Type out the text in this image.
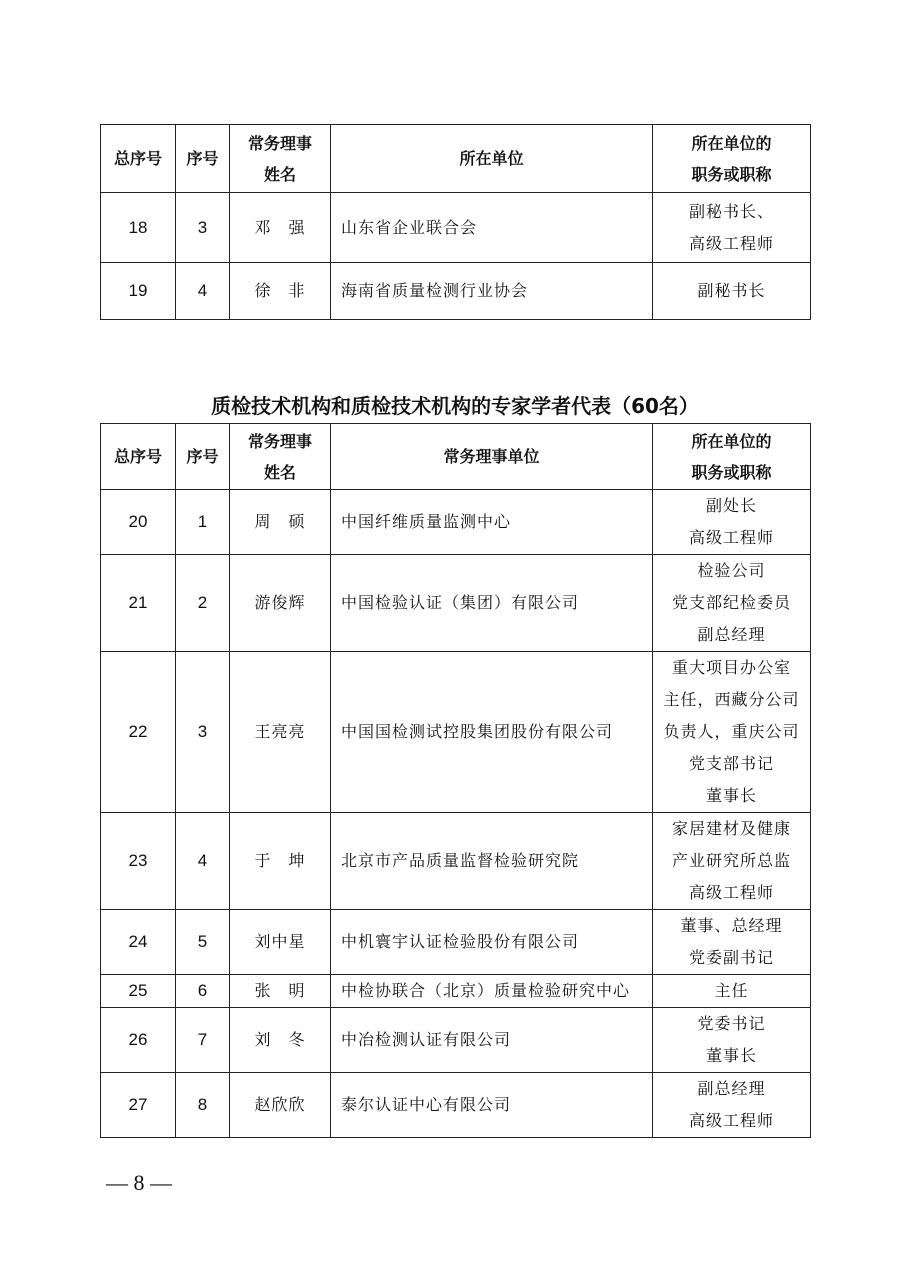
总序号	序号	常务理事
姓名	所在单位	所在单位的
职务或职称

18	3	邓　强	山东省企业联合会	副秘书长、
高级工程师

19	4	徐　非	海南省质量检测行业协会	副秘书长
质检技术机构和质检技术机构的专家学者代表（60名）
总序号	序号	常务理事
姓名	常务理事单位	所在单位的
职务或职称

20	1	周　硕	中国纤维质量监测中心	副处长
高级工程师

21	2	游俊辉	中国检验认证（集团）有限公司	检验公司
党支部纪检委员
副总经理

22	3	王亮亮	中国国检测试控股集团股份有限公司	重大项目办公室
主任，西藏分公司
负责人，重庆公司
党支部书记
董事长

23	4	于　坤	北京市产品质量监督检验研究院	家居建材及健康
产业研究所总监
高级工程师

24	5	刘中星	中机寰宇认证检验股份有限公司	董事、总经理
党委副书记

25	6	张　明	中检协联合（北京）质量检验研究中心	主任

26	7	刘　冬	中冶检测认证有限公司	党委书记
董事长

27	8	赵欣欣	泰尔认证中心有限公司	副总经理
高级工程师
— 8 —
